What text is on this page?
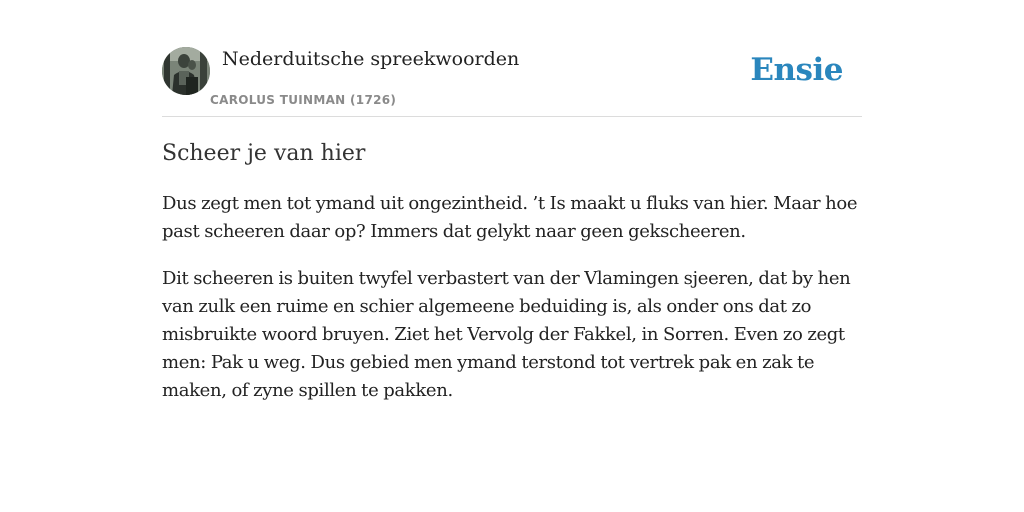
Nederduitsche spreekwoorden
CAROLUS TUINMAN (1726)
Ensie
Scheer je van hier

Dus zegt men tot ymand uit ongezintheid. ’t Is maakt u fluks van hier. Maar hoe past scheeren daar op? Immers dat gelykt naar geen gekscheeren.

Dit scheeren is buiten twyfel verbastert van der Vlamingen sjeeren, dat by hen van zulk een ruime en schier algemeene beduiding is, als onder ons dat zo misbruikte woord bruyen. Ziet het Vervolg der Fakkel, in Sorren. Even zo zegt men: Pak u weg. Dus gebied men ymand terstond tot vertrek pak en zak te maken, of zyne spillen te pakken.
